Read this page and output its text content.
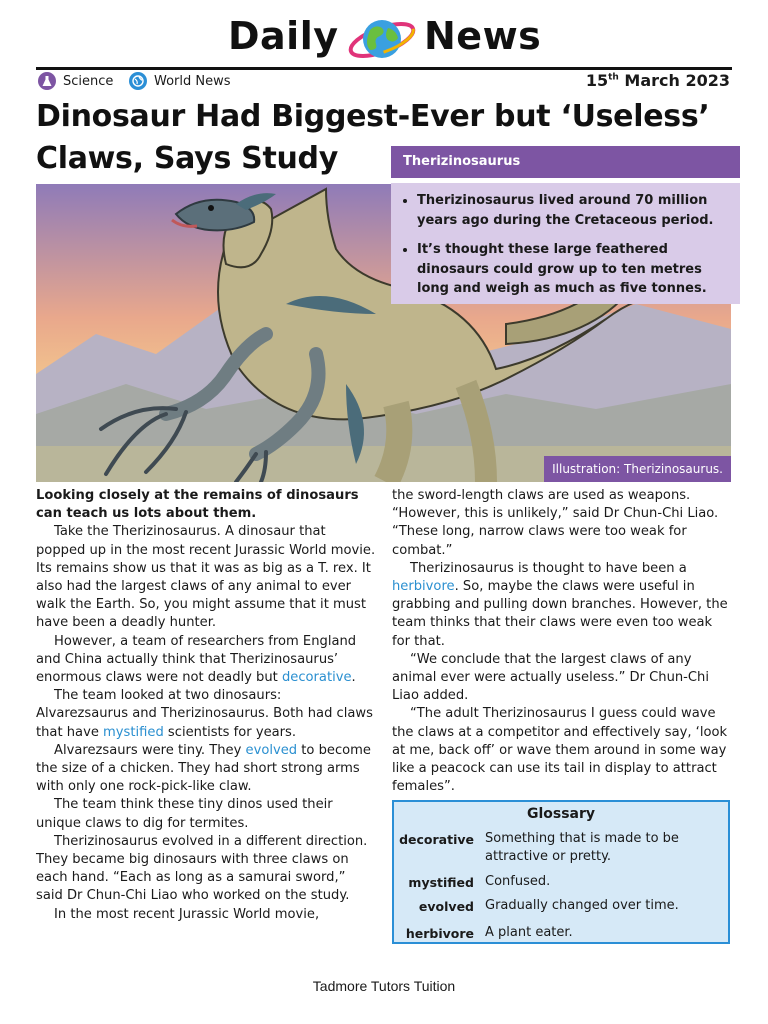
Daily News
Science	World News	15th March 2023
Dinosaur Had Biggest-Ever but ‘Useless’
Claws, Says Study
Illustration: Therizinosaurus.
Therizinosaurus
• Therizinosaurus lived around 70 million years ago during the Cretaceous period.
• It’s thought these large feathered dinosaurs could grow up to ten metres long and weigh as much as five tonnes.

Looking closely at the remains of dinosaurs can teach us lots about them.

Take the Therizinosaurus. A dinosaur that popped up in the most recent Jurassic World movie. Its remains show us that it was as big as a T. rex. It also had the largest claws of any animal to ever walk the Earth. So, you might assume that it must have been a deadly hunter.

However, a team of researchers from England and China actually think that Therizinosaurus’ enormous claws were not deadly but decorative.

The team looked at two dinosaurs: Alvarezsaurus and Therizinosaurus. Both had claws that have mystified scientists for years.

Alvarezsaurs were tiny. They evolved to become the size of a chicken. They had short strong arms with only one rock-pick-like claw.

The team think these tiny dinos used their unique claws to dig for termites.

Therizinosaurus evolved in a different direction. They became big dinosaurs with three claws on each hand. “Each as long as a samurai sword,” said Dr Chun-Chi Liao who worked on the study.

In the most recent Jurassic World movie,

the sword-length claws are used as weapons. “However, this is unlikely,” said Dr Chun-Chi Liao. “These long, narrow claws were too weak for combat.”

Therizinosaurus is thought to have been a herbivore. So, maybe the claws were useful in grabbing and pulling down branches. However, the team thinks that their claws were even too weak for that.

“We conclude that the largest claws of any animal ever were actually useless.” Dr Chun-Chi Liao added.

“The adult Therizinosaurus I guess could wave the claws at a competitor and effectively say, ‘look at me, back off’ or wave them around in some way like a peacock can use its tail in display to attract females”.

Glossary
decorative Something that is made to be attractive or pretty.
mystified Confused.
evolved Gradually changed over time.
herbivore A plant eater.
Tadmore Tutors Tuition
